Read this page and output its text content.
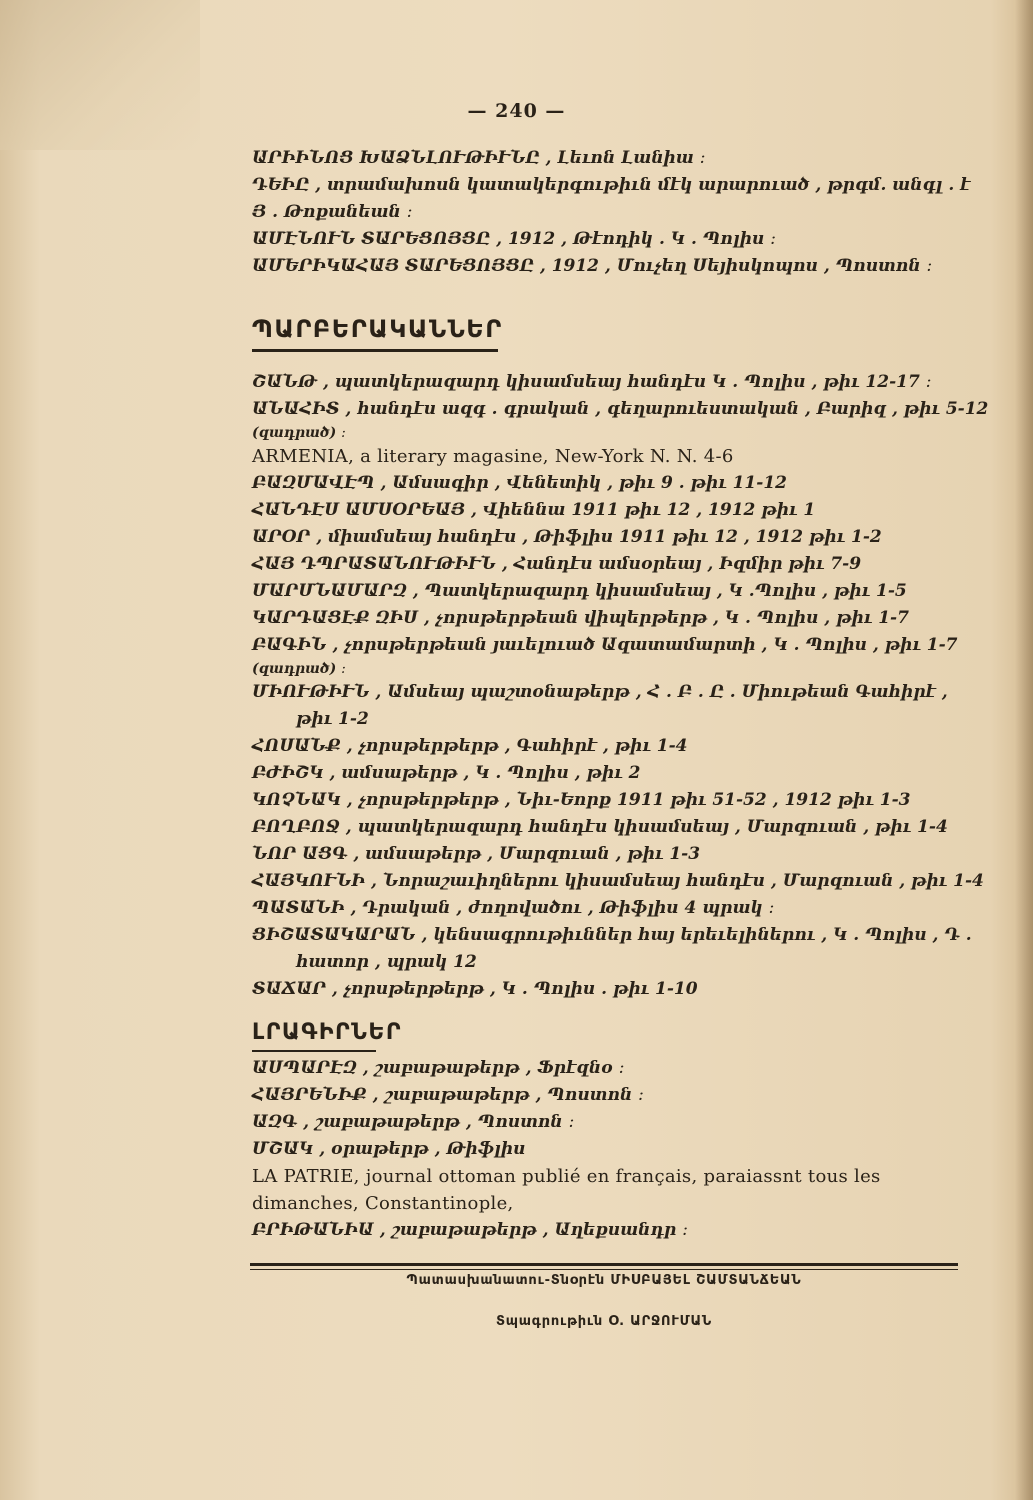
— 240 —
ԱՐԻԻՆՈՑ ԽԱՁՆԼՈՒԹԻՒՆԸ , Լեւոն Լանիա ։
ԴԵԻԸ , տրամախոսն կատակերգութիւն մէկ արարուած , թրգմ. անգլ . է
Յ . Թոքանեան ։
ԱՄԷՆՈՒՆ ՏԱՐԵՑՈՅՑԸ , 1912 , Թէոդիկ . Կ . Պոլիս ։
ԱՄԵՐԻԿԱՀԱՅ ՏԱՐԵՑՈՅՑԸ , 1912 , Մուչեղ Սեյիսկոպոս , Պոստոն ։
ՊԱՐԲԵՐԱԿԱՆՆԵՐ
ՇԱՆԹ , պատկերազարդ կիսամսեայ հանդէս Կ . Պոլիս , թիւ 12-17 ։
ԱՆԱՀԻՏ , հանդէս ազգ . գրական , գեղարուեստական , Բարիզ , թիւ 5-12
(զադրած) ։
ARMENIA, a literary magasine, New-York N. N. 4-6
ԲԱԶՄԱՎԷՊ , Ամսագիր , Վենետիկ , թիւ 9 . թիւ 11-12
ՀԱՆԴԷՍ ԱՄՍՕՐԵԱՅ , Վիեննա 1911 թիւ 12 , 1912 թիւ 1
ԱՐՕՐ , միամսեայ հանդէս , Թիֆլիս 1911 թիւ 12 , 1912 թիւ 1-2
ՀԱՅ ԴՊՐԱՏԱՆՈՒԹԻՒՆ , Հանդէս ամսօրեայ , Իզմիր թիւ 7-9
ՄԱՐՄՆԱՄԱՐԶ , Պատկերազարդ կիսամսեայ , Կ .Պոլիս , թիւ 1-5
ԿԱՐԴԱՑԷՔ ԶԻՍ , չորսթերթեան վիպերթերթ , Կ . Պոլիս , թիւ 1-7
ԲԱԳԻՆ , չորսթերթեան յաւելուած Ազատամարտի , Կ . Պոլիս , թիւ 1-7
(զադրած) ։
ՄԻՈՒԹԻՒՆ , Ամսեայ պաշտօնաթերթ , Հ . Բ . Ը . Միութեան Գահիրէ ,
թիւ 1-2
ՀՈՍԱՆՔ , չորսթերթերթ , Գահիրէ , թիւ 1-4
ԲԺԻՇԿ , ամսաթերթ , Կ . Պոլիս , թիւ 2
ԿՈՉՆԱԿ , չորսթերթերթ , Նիւ-Եորք 1911 թիւ 51-52 , 1912 թիւ 1-3
ԲՈՂԲՈՋ , պատկերազարդ հանդէս կիսամսեայ , Մարզուան , թիւ 1-4
ՆՈՐ ԱՑԳ , ամսաթերթ , Մարզուան , թիւ 1-3
ՀԱՅԿՈՒՆԻ , Նորաշաւիղներու կիսամսեայ հանդէս , Մարզուան , թիւ 1-4
ՊԱՏԱՆԻ , Դրական , ժողովածու , Թիֆլիս 4 պրակ ։
ՑԻՇԱՏԱԿԱՐԱՆ , կենսագրութիւններ հայ երեւելիներու , Կ . Պոլիս , Դ .
հատոր , պրակ 12
ՏԱՃԱՐ , չորսթերթերթ , Կ . Պոլիս . թիւ 1-10
ԼՐԱԳԻՐՆԵՐ
ԱՍՊԱՐԷԶ , շաբաթաթերթ , Ֆրէզնօ ։
ՀԱՅՐԵՆԻՔ , շաբաթաթերթ , Պոստոն ։
ԱԶԳ , շաբաթաթերթ , Պոստոն ։
ՄՇԱԿ , օրաթերթ , Թիֆլիս
LA PATRIE, journal ottoman publié en français, paraiassnt tous les
dimanches, Constantinople,
ԲՐԻԹԱՆԻԱ , շաբաթաթերթ , Աղեքսանդր ։
Պատասխանատու-Տնօրէն ՄԻՍԲԱՅԵԼ ՇԱՄՏԱՆՃԵԱՆ
Տպագրութիւն Օ. ԱՐՋՈՒՄԱՆ
